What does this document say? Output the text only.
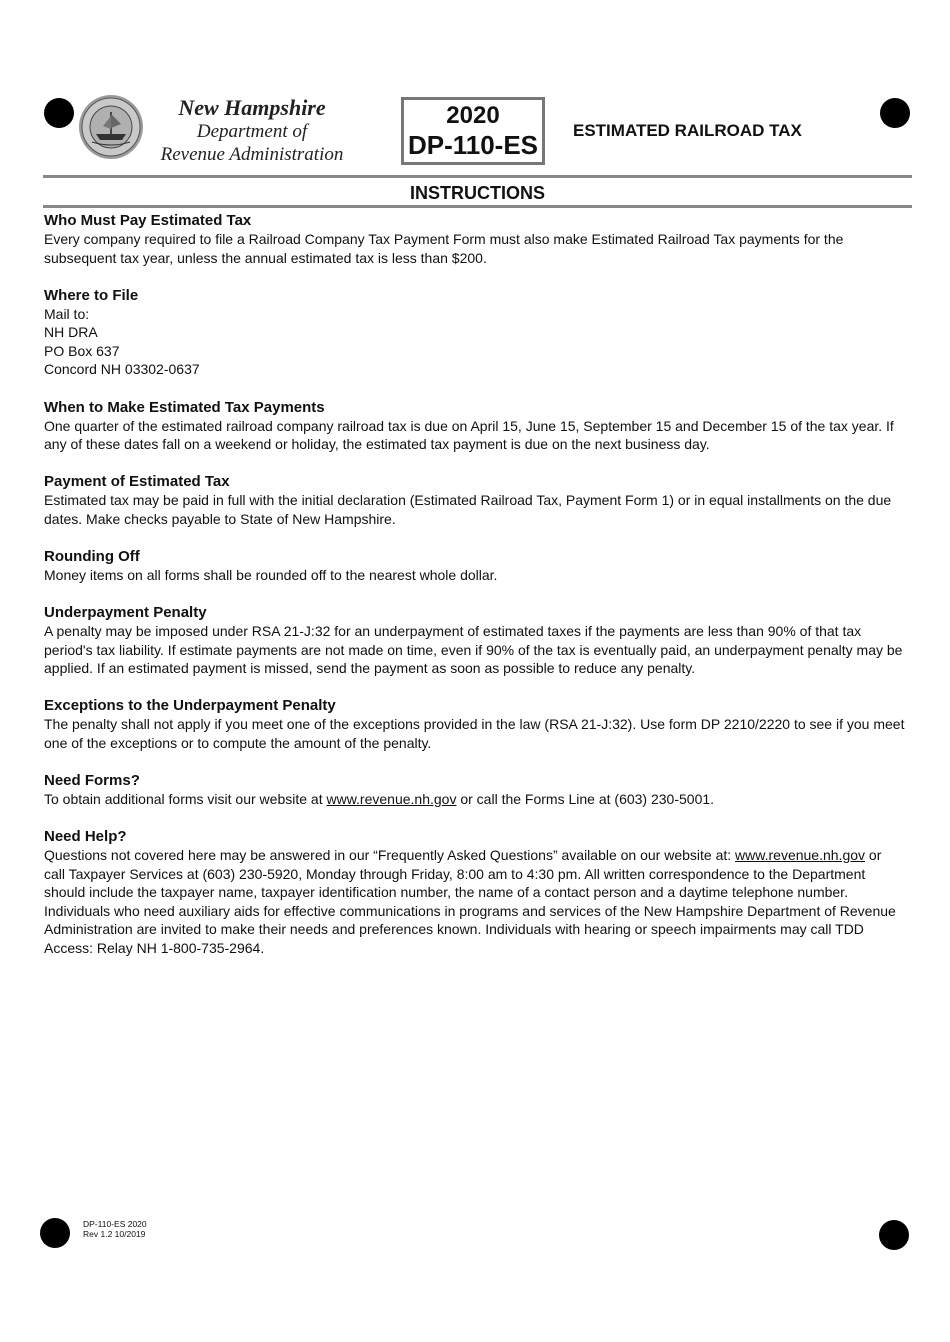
New Hampshire
Department of
Revenue Administration
2020
DP-110-ES ESTIMATED RAILROAD TAX
INSTRUCTIONS
Who Must Pay Estimated Tax

Every company required to file a Railroad Company Tax Payment Form must also make Estimated Railroad Tax payments for the subsequent tax year, unless the annual estimated tax is less than $200.

Where to File

Mail to:
NH DRA
PO Box 637
Concord NH 03302-0637

When to Make Estimated Tax Payments

One quarter of the estimated railroad company railroad tax is due on April 15, June 15, September 15 and December 15 of the tax year. If any of these dates fall on a weekend or holiday, the estimated tax payment is due on the next business day.

Payment of Estimated Tax

Estimated tax may be paid in full with the initial declaration (Estimated Railroad Tax, Payment Form 1) or in equal installments on the due dates. Make checks payable to State of New Hampshire.

Rounding Off

Money items on all forms shall be rounded off to the nearest whole dollar.

Underpayment Penalty

A penalty may be imposed under RSA 21-J:32 for an underpayment of estimated taxes if the payments are less than 90% of that tax period's tax liability. If estimate payments are not made on time, even if 90% of the tax is eventually paid, an underpayment penalty may be applied. If an estimated payment is missed, send the payment as soon as possible to reduce any penalty.

Exceptions to the Underpayment Penalty

The penalty shall not apply if you meet one of the exceptions provided in the law (RSA 21-J:32). Use form DP 2210/2220 to see if you meet one of the exceptions or to compute the amount of the penalty.

Need Forms?

To obtain additional forms visit our website at www.revenue.nh.gov or call the Forms Line at (603) 230-5001.

Need Help?

Questions not covered here may be answered in our “Frequently Asked Questions” available on our website at: www.revenue.nh.gov or call Taxpayer Services at (603) 230-5920, Monday through Friday, 8:00 am to 4:30 pm. All written correspondence to the Department should include the taxpayer name, taxpayer identification number, the name of a contact person and a daytime telephone number. Individuals who need auxiliary aids for effective communications in programs and services of the New Hampshire Department of Revenue Administration are invited to make their needs and preferences known. Individuals with hearing or speech impairments may call TDD Access: Relay NH 1-800-735-2964.

DP-110-ES 2020
Rev 1.2 10/2019
